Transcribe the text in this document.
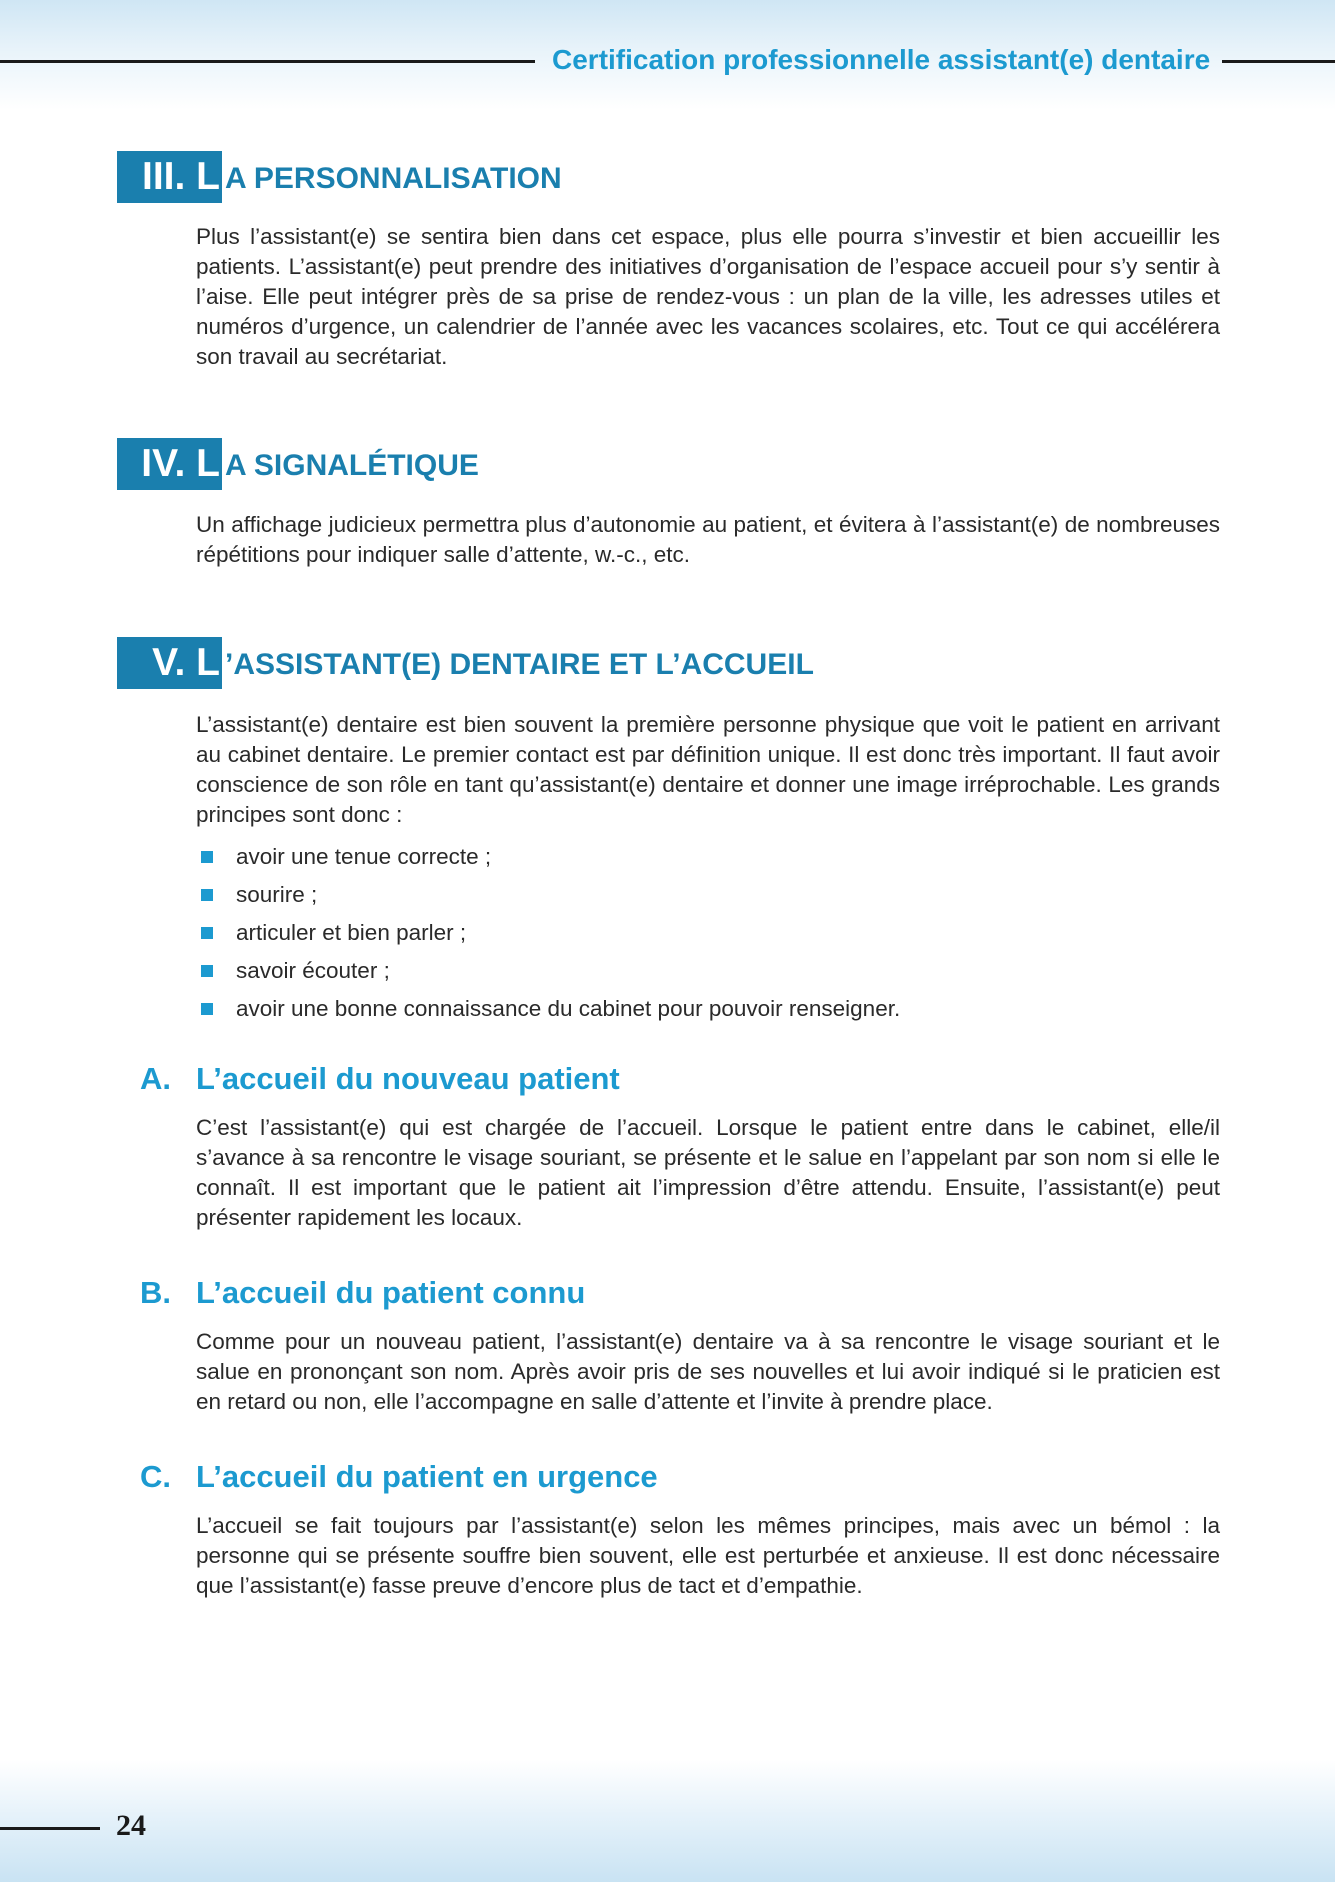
Certification professionnelle assistant(e) dentaire
III. L A PERSONNALISATION

Plus l’assistant(e) se sentira bien dans cet espace, plus elle pourra s’investir et bien accueillir les patients. L’assistant(e) peut prendre des initiatives d’organisation de l’espace accueil pour s’y sentir à l’aise. Elle peut intégrer près de sa prise de rendez-vous : un plan de la ville, les adresses utiles et numéros d’urgence, un calendrier de l’année avec les vacances scolaires, etc. Tout ce qui accélérera son travail au secrétariat.

IV. L A SIGNALÉTIQUE

Un affichage judicieux permettra plus d’autonomie au patient, et évitera à l’assistant(e) de nombreuses répétitions pour indiquer salle d’attente, w.-c., etc.

V. L ’ASSISTANT(E) DENTAIRE ET L’ACCUEIL

L’assistant(e) dentaire est bien souvent la première personne physique que voit le patient en arrivant au cabinet dentaire. Le premier contact est par définition unique. Il est donc très important. Il faut avoir conscience de son rôle en tant qu’assistant(e) dentaire et donner une image irréprochable. Les grands principes sont donc :

avoir une tenue correcte ;
sourire ;
articuler et bien parler ;
savoir écouter ;
avoir une bonne connaissance du cabinet pour pouvoir renseigner.
A. L’accueil du nouveau patient

C’est l’assistant(e) qui est chargée de l’accueil. Lorsque le patient entre dans le cabinet, elle/il s’avance à sa rencontre le visage souriant, se présente et le salue en l’appelant par son nom si elle le connaît. Il est important que le patient ait l’impression d’être attendu. Ensuite, l’assistant(e) peut présenter rapidement les locaux.

B. L’accueil du patient connu

Comme pour un nouveau patient, l’assistant(e) dentaire va à sa rencontre le visage souriant et le salue en prononçant son nom. Après avoir pris de ses nouvelles et lui avoir indiqué si le praticien est en retard ou non, elle l’accompagne en salle d’attente et l’invite à prendre place.

C. L’accueil du patient en urgence

L’accueil se fait toujours par l’assistant(e) selon les mêmes principes, mais avec un bémol : la personne qui se présente souffre bien souvent, elle est perturbée et anxieuse. Il est donc nécessaire que l’assistant(e) fasse preuve d’encore plus de tact et d’empathie.

24
